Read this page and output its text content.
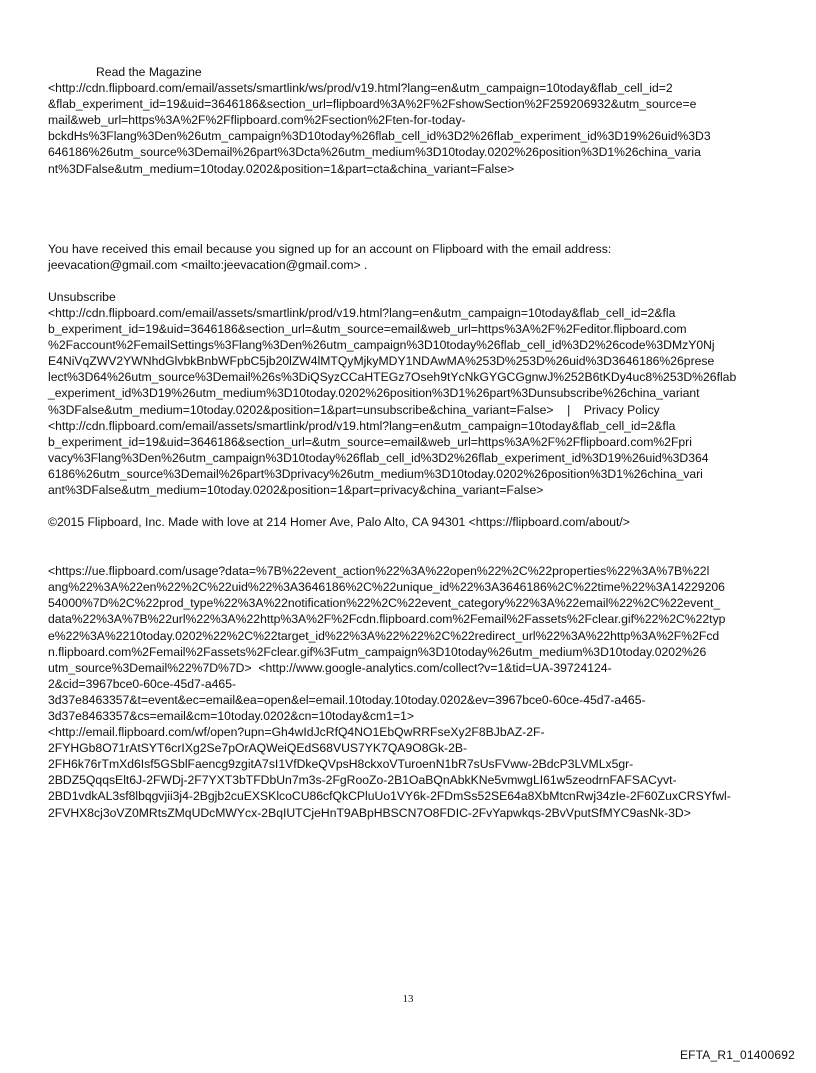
Read the Magazine
<http://cdn.flipboard.com/email/assets/smartlink/ws/prod/v19.html?lang=en&utm_campaign=10today&flab_cell_id=2
&flab_experiment_id=19&uid=3646186&section_url=flipboard%3A%2F%2FshowSection%2F259206932&utm_source=e
mail&web_url=https%3A%2F%2Fflipboard.com%2Fsection%2Ften-for-today-
bckdHs%3Flang%3Den%26utm_campaign%3D10today%26flab_cell_id%3D2%26flab_experiment_id%3D19%26uid%3D3
646186%26utm_source%3Demail%26part%3Dcta%26utm_medium%3D10today.0202%26position%3D1%26china_varia
nt%3DFalse&utm_medium=10today.0202&position=1&part=cta&china_variant=False>
You have received this email because you signed up for an account on Flipboard with the email address:
jeevacation@gmail.com <mailto:jeevacation@gmail.com> .
Unsubscribe
<http://cdn.flipboard.com/email/assets/smartlink/prod/v19.html?lang=en&utm_campaign=10today&flab_cell_id=2&fla
b_experiment_id=19&uid=3646186&section_url=&utm_source=email&web_url=https%3A%2F%2Feditor.flipboard.com
%2Faccount%2FemailSettings%3Flang%3Den%26utm_campaign%3D10today%26flab_cell_id%3D2%26code%3DMzY0Nj
E4NiVqZWV2YWNhdGlvbkBnbWFpbC5jb20lZW4lMTQyMjkyMDY1NDAwMA%253D%253D%26uid%3D3646186%26prese
lect%3D64%26utm_source%3Demail%26s%3DiQSyzCCaHTEGz7Oseh9tYcNkGYGCGgnwJ%252B6tKDy4uc8%253D%26flab
_experiment_id%3D19%26utm_medium%3D10today.0202%26position%3D1%26part%3Dunsubscribe%26china_variant
%3DFalse&utm_medium=10today.0202&position=1&part=unsubscribe&china_variant=False>    |    Privacy Policy
<http://cdn.flipboard.com/email/assets/smartlink/prod/v19.html?lang=en&utm_campaign=10today&flab_cell_id=2&fla
b_experiment_id=19&uid=3646186&section_url=&utm_source=email&web_url=https%3A%2F%2Fflipboard.com%2Fpri
vacy%3Flang%3Den%26utm_campaign%3D10today%26flab_cell_id%3D2%26flab_experiment_id%3D19%26uid%3D364
6186%26utm_source%3Demail%26part%3Dprivacy%26utm_medium%3D10today.0202%26position%3D1%26china_vari
ant%3DFalse&utm_medium=10today.0202&position=1&part=privacy&china_variant=False>
©2015 Flipboard, Inc. Made with love at 214 Homer Ave, Palo Alto, CA 94301 <https://flipboard.com/about/>
<https://ue.flipboard.com/usage?data=%7B%22event_action%22%3A%22open%22%2C%22properties%22%3A%7B%22l
ang%22%3A%22en%22%2C%22uid%22%3A3646186%2C%22unique_id%22%3A3646186%2C%22time%22%3A14229206
54000%7D%2C%22prod_type%22%3A%22notification%22%2C%22event_category%22%3A%22email%22%2C%22event_
data%22%3A%7B%22url%22%3A%22http%3A%2F%2Fcdn.flipboard.com%2Femail%2Fassets%2Fclear.gif%22%2C%22typ
e%22%3A%2210today.0202%22%2C%22target_id%22%3A%22%22%2C%22redirect_url%22%3A%22http%3A%2F%2Fcd
n.flipboard.com%2Femail%2Fassets%2Fclear.gif%3Futm_campaign%3D10today%26utm_medium%3D10today.0202%26
utm_source%3Demail%22%7D%7D>  <http://www.google-analytics.com/collect?v=1&tid=UA-39724124-
2&cid=3967bce0-60ce-45d7-a465-
3d37e8463357&t=event&ec=email&ea=open&el=email.10today.10today.0202&ev=3967bce0-60ce-45d7-a465-
3d37e8463357&cs=email&cm=10today.0202&cn=10today&cm1=1>
<http://email.flipboard.com/wf/open?upn=Gh4wIdJcRfQ4NO1EbQwRRFseXy2F8BJbAZ-2F-
2FYHGb8O71rAtSYT6crIXg2Se7pOrAQWeiQEdS68VUS7YK7QA9O8Gk-2B-
2FH6k76rTmXd6Isf5GSblFaencg9zgitA7sI1VfDkeQVpsH8ckxoVTuroenN1bR7sUsFVww-2BdcP3LVMLx5gr-
2BDZ5QqqsElt6J-2FWDj-2F7YXT3bTFDbUn7m3s-2FgRooZo-2B1OaBQnAbkKNe5vmwgLI61w5zeodrnFAFSACyvt-
2BD1vdkAL3sf8lbqgvjii3j4-2Bgjb2cuEXSKlcoCU86cfQkCPluUo1VY6k-2FDmSs52SE64a8XbMtcnRwj34zIe-2F60ZuxCRSYfwl-
2FVHX8cj3oVZ0MRtsZMqUDcMWYcx-2BqIUTCjeHnT9ABpHBSCN7O8FDIC-2FvYapwkqs-2BvVputSfMYC9asNk-3D>
13
EFTA_R1_01400692
